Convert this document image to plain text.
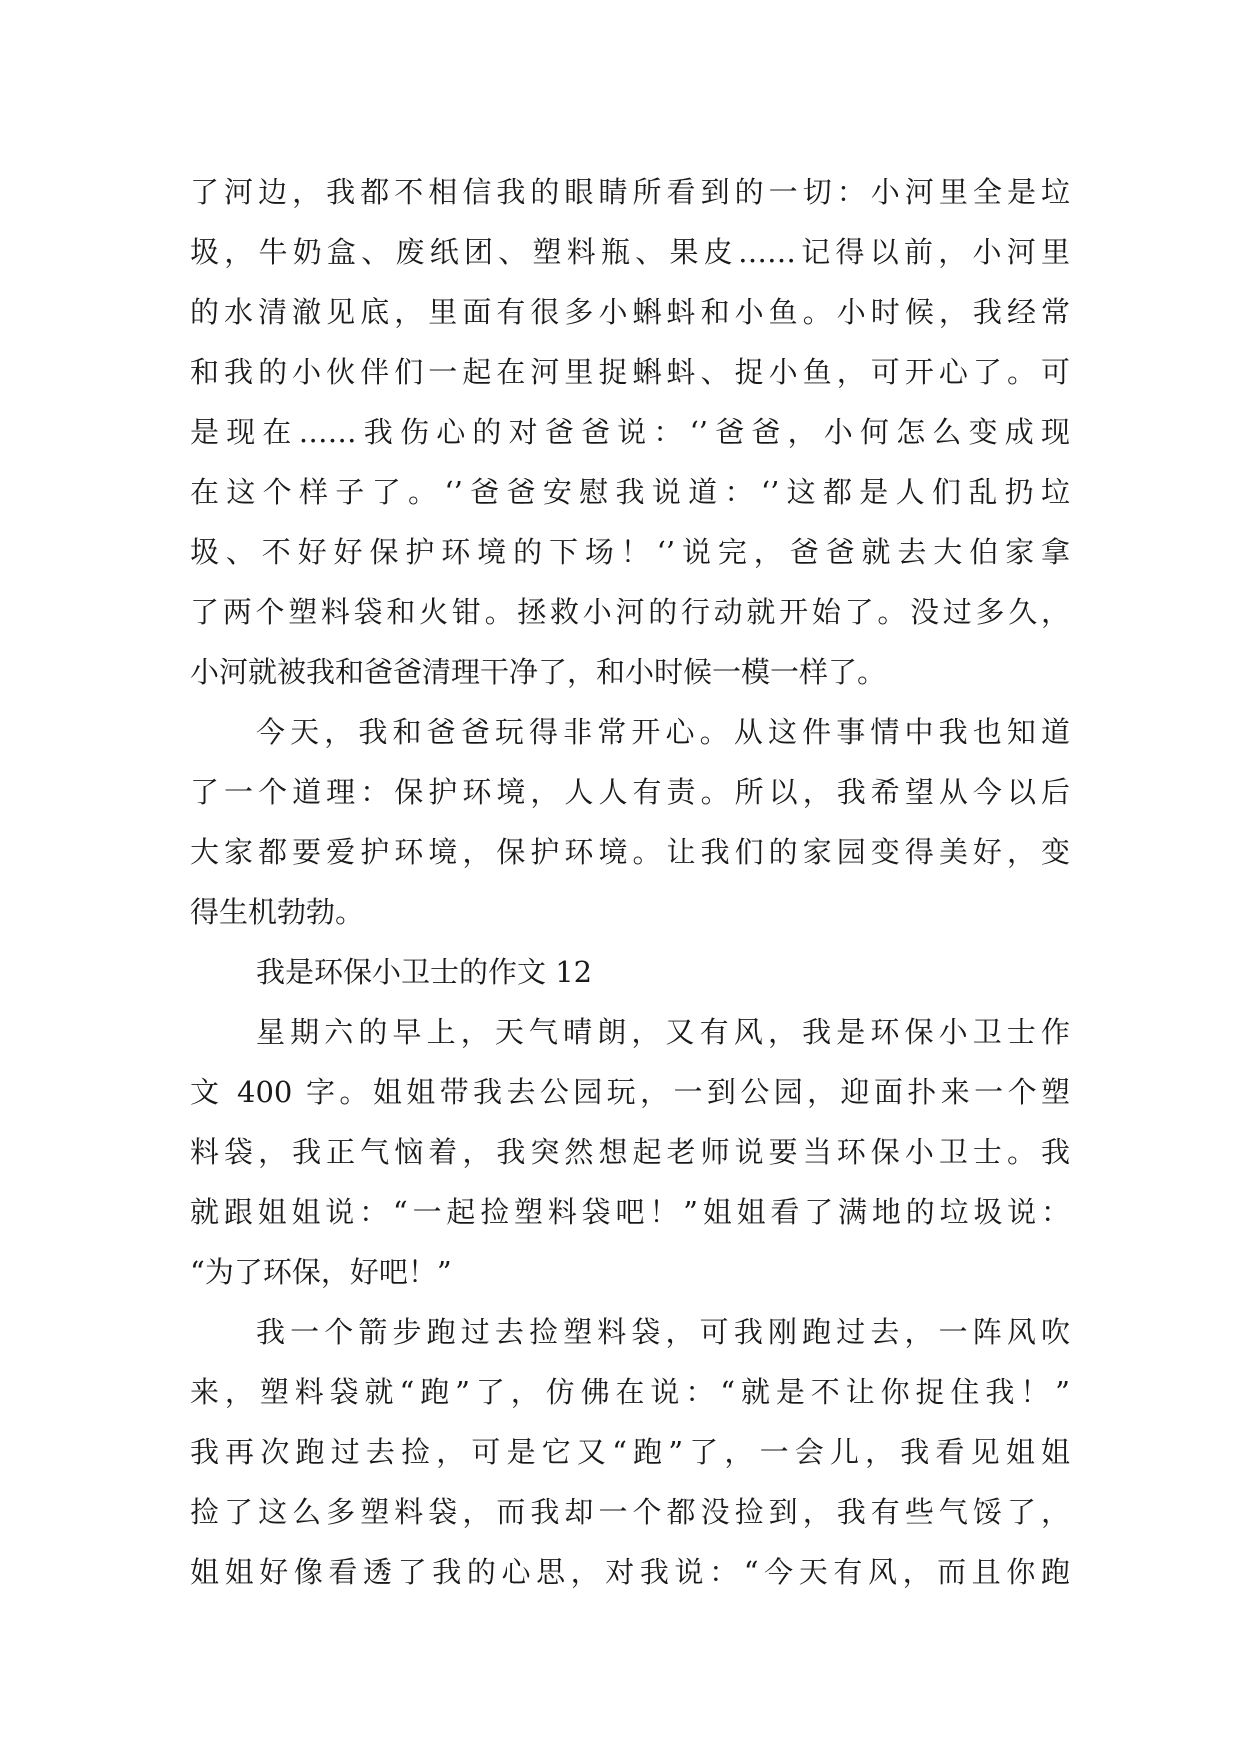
了河边，我都不相信我的眼睛所看到的一切：小河里全是垃
圾，牛奶盒、废纸团、塑料瓶、果皮……记得以前，小河里
的水清澈见底，里面有很多小蝌蚪和小鱼。小时候，我经常
和我的小伙伴们一起在河里捉蝌蚪、捉小鱼，可开心了。可
是现在……我伤心的对爸爸说：‘’爸爸，小何怎么变成现
在这个样子了。‘’爸爸安慰我说道：‘’这都是人们乱扔垃
圾、不好好保护环境的下场！‘’说完，爸爸就去大伯家拿
了两个塑料袋和火钳。拯救小河的行动就开始了。没过多久，
小河就被我和爸爸清理干净了，和小时候一模一样了。
今天，我和爸爸玩得非常开心。从这件事情中我也知道
了一个道理：保护环境，人人有责。所以，我希望从今以后
大家都要爱护环境，保护环境。让我们的家园变得美好，变
得生机勃勃。
我是环保小卫士的作文 12
星期六的早上，天气晴朗，又有风，我是环保小卫士作
文 400 字。姐姐带我去公园玩，一到公园，迎面扑来一个塑
料袋，我正气恼着，我突然想起老师说要当环保小卫士。我
就跟姐姐说：“一起捡塑料袋吧！”姐姐看了满地的垃圾说：
“为了环保，好吧！”
我一个箭步跑过去捡塑料袋，可我刚跑过去，一阵风吹
来，塑料袋就“跑”了，仿佛在说：“就是不让你捉住我！”
我再次跑过去捡，可是它又“跑”了，一会儿，我看见姐姐
捡了这么多塑料袋，而我却一个都没捡到，我有些气馁了，
姐姐好像看透了我的心思，对我说：“今天有风，而且你跑
